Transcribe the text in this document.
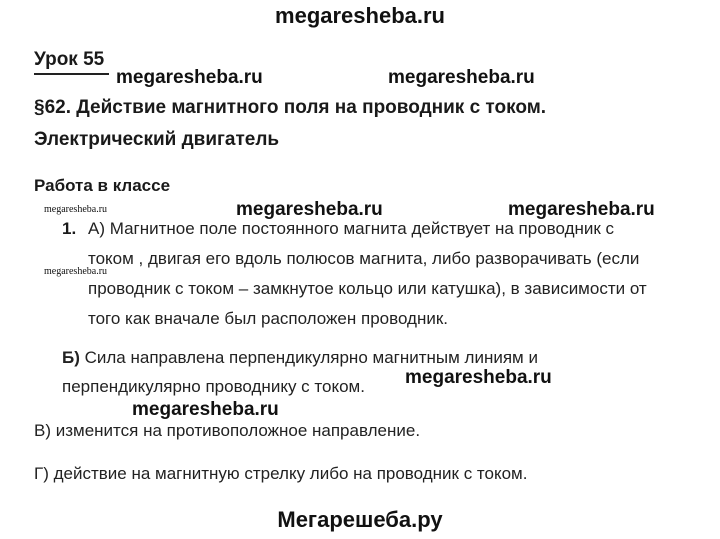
megaresheba.ru
Урок 55
§62. Действие магнитного поля на проводник с током.
Электрический двигатель
Работа в классе
1. А) Магнитное поле постоянного магнита действует на проводник с
током , двигая его вдоль полюсов магнита, либо разворачивать (если
проводник с током – замкнутое кольцо или катушка), в зависимости от
того как вначале был расположен проводник.
Б) Сила направлена перпендикулярно магнитным линиям и
перпендикулярно проводнику с током.
В) изменится на противоположное направление.
Г) действие на магнитную стрелку либо на проводник с током.
megaresheba.ru	megaresheba.ru
megaresheba.ru	megaresheba.ru
megaresheba.ru
megaresheba.ru
megaresheba.ru
megaresheba.ru
Мегарешеба.ру
